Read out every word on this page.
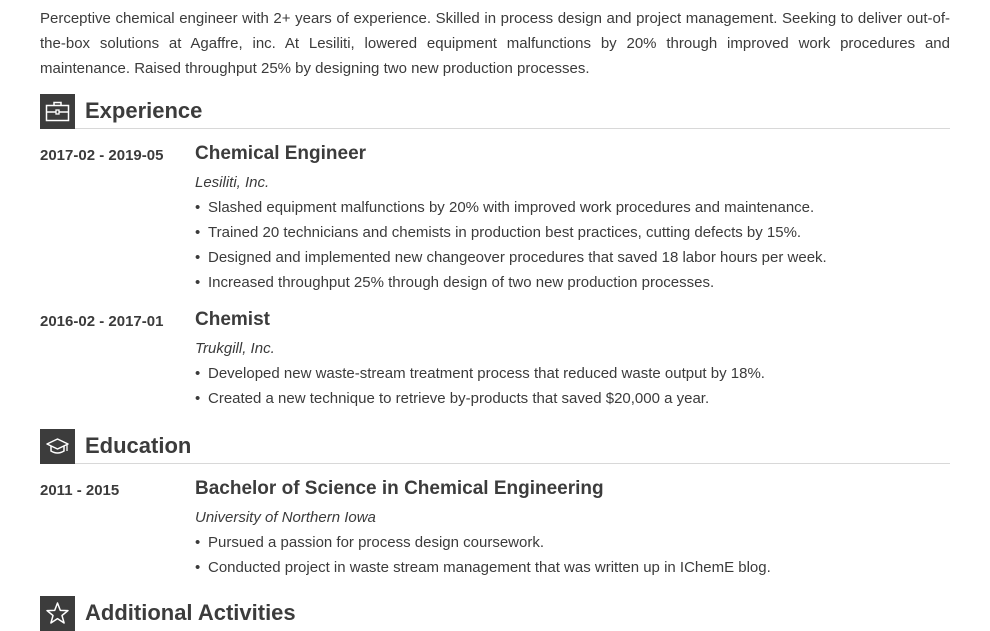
Perceptive chemical engineer with 2+ years of experience. Skilled in process design and project management. Seeking to deliver out-of-the-box solutions at Agaffre, inc. At Lesiliti, lowered equipment malfunctions by 20% through improved work procedures and maintenance. Raised throughput 25% by designing two new production processes.

Experience
2017-02 - 2019-05	Chemical Engineer
Lesiliti, Inc.
• Slashed equipment malfunctions by 20% with improved work procedures and maintenance.
• Trained 20 technicians and chemists in production best practices, cutting defects by 15%.
• Designed and implemented new changeover procedures that saved 18 labor hours per week.
• Increased throughput 25% through design of two new production processes.
2016-02 - 2017-01	Chemist
Trukgill, Inc.
• Developed new waste-stream treatment process that reduced waste output by 18%.
• Created a new technique to retrieve by-products that saved $20,000 a year.
Education
2011 - 2015	Bachelor of Science in Chemical Engineering
University of Northern Iowa
• Pursued a passion for process design coursework.
• Conducted project in waste stream management that was written up in IChemE blog.
Additional Activities
